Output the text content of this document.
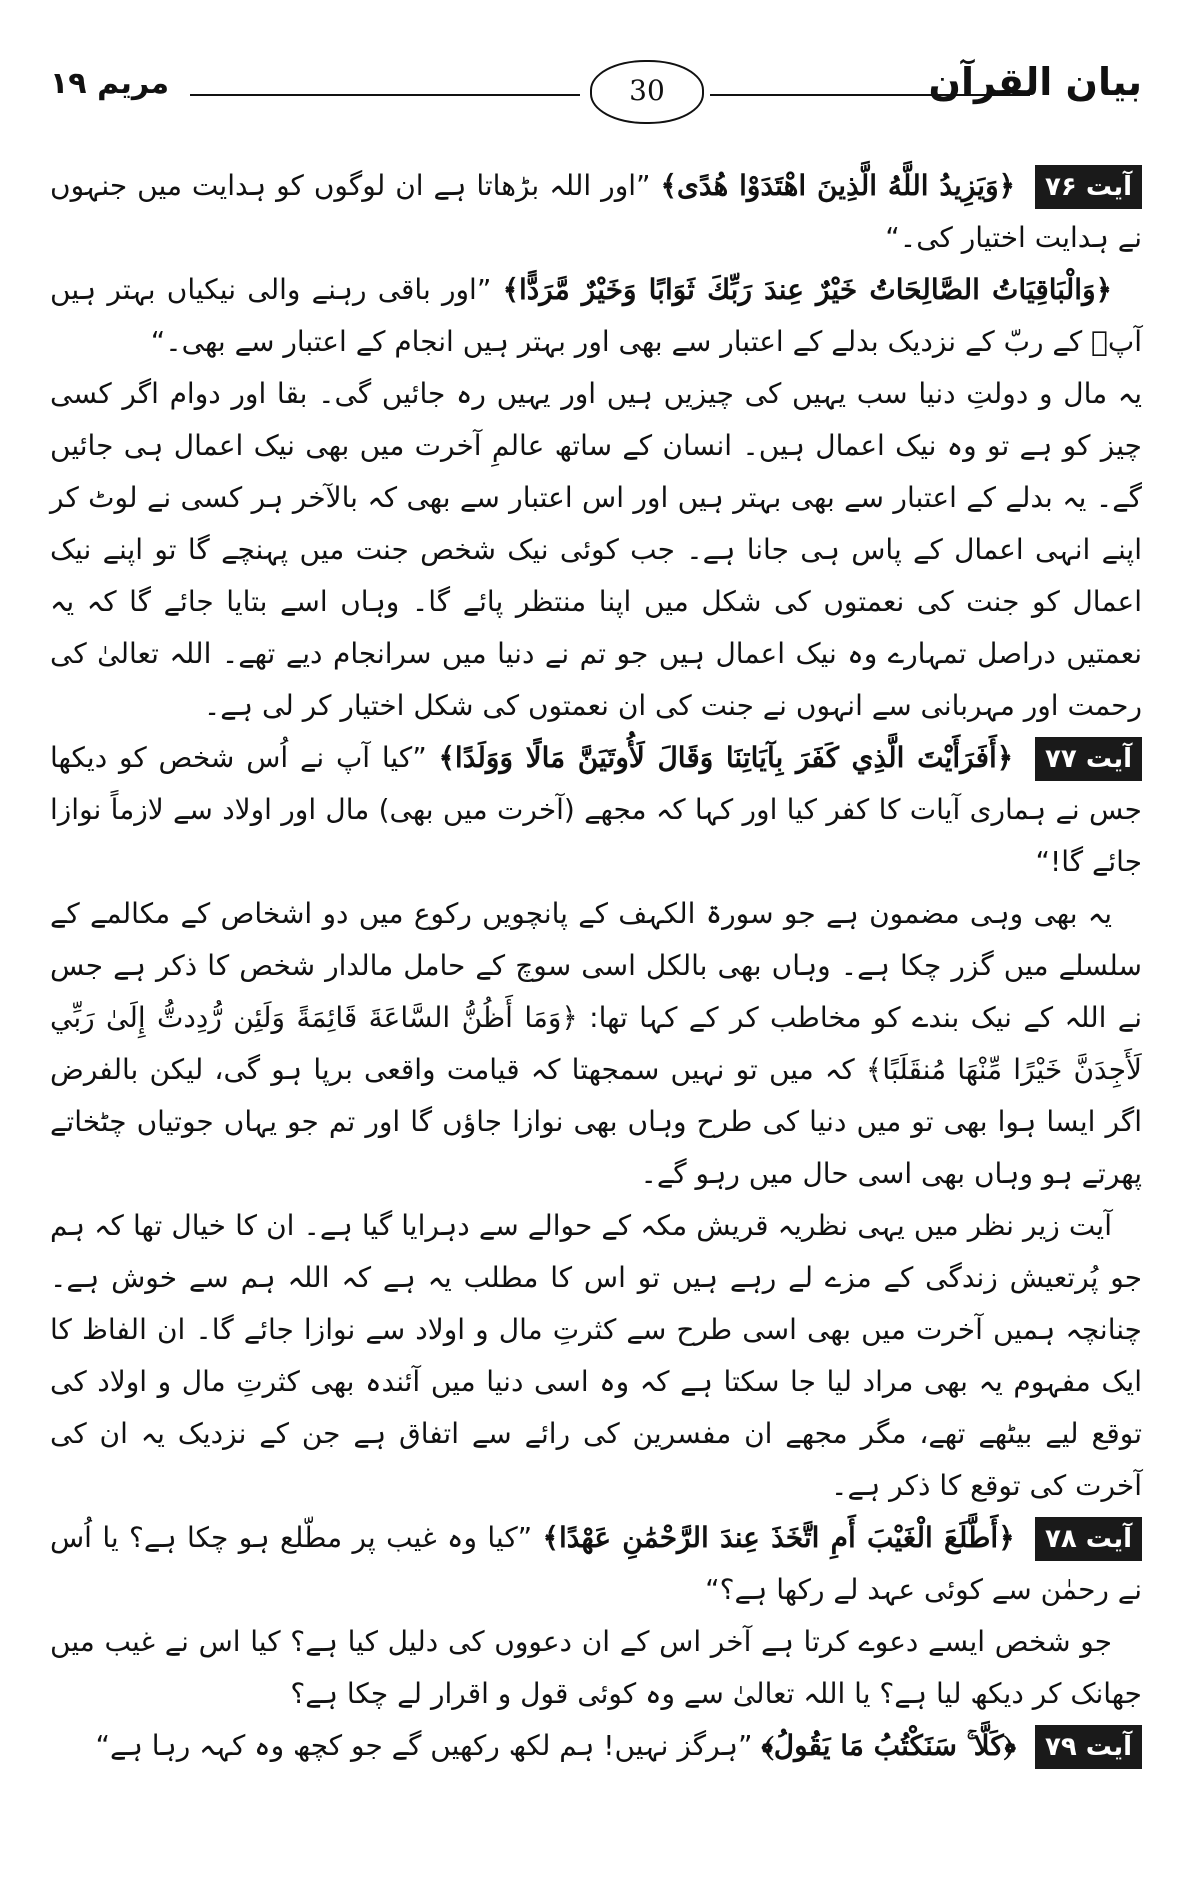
مریم ۱۹	30	بیان القرآن

آیت ۷۶ ﴿وَيَزِيدُ اللَّهُ الَّذِينَ اهْتَدَوْا هُدًى﴾ ”اور اللہ بڑھاتا ہے ان لوگوں کو ہدایت میں جنہوں نے ہدایت اختیار کی۔“

﴿وَالْبَاقِيَاتُ الصَّالِحَاتُ خَيْرٌ عِندَ رَبِّكَ ثَوَابًا وَخَيْرٌ مَّرَدًّا﴾ ”اور باقی رہنے والی نیکیاں بہتر ہیں آپؐ کے ربّ کے نزدیک بدلے کے اعتبار سے بھی اور بہتر ہیں انجام کے اعتبار سے بھی۔“

یہ مال و دولتِ دنیا سب یہیں کی چیزیں ہیں اور یہیں رہ جائیں گی۔ بقا اور دوام اگر کسی چیز کو ہے تو وہ نیک اعمال ہیں۔ انسان کے ساتھ عالمِ آخرت میں بھی نیک اعمال ہی جائیں گے۔ یہ بدلے کے اعتبار سے بھی بہتر ہیں اور اس اعتبار سے بھی کہ بالآخر ہر کسی نے لوٹ کر اپنے انہی اعمال کے پاس ہی جانا ہے۔ جب کوئی نیک شخص جنت میں پہنچے گا تو اپنے نیک اعمال کو جنت کی نعمتوں کی شکل میں اپنا منتظر پائے گا۔ وہاں اسے بتایا جائے گا کہ یہ نعمتیں دراصل تمہارے وہ نیک اعمال ہیں جو تم نے دنیا میں سرانجام دیے تھے۔ اللہ تعالیٰ کی رحمت اور مہربانی سے انہوں نے جنت کی ان نعمتوں کی شکل اختیار کر لی ہے۔

آیت ۷۷ ﴿أَفَرَأَيْتَ الَّذِي كَفَرَ بِآيَاتِنَا وَقَالَ لَأُوتَيَنَّ مَالًا وَوَلَدًا﴾ ”کیا آپ نے اُس شخص کو دیکھا جس نے ہماری آیات کا کفر کیا اور کہا کہ مجھے (آخرت میں بھی) مال اور اولاد سے لازماً نوازا جائے گا!“

یہ بھی وہی مضمون ہے جو سورۃ الکہف کے پانچویں رکوع میں دو اشخاص کے مکالمے کے سلسلے میں گزر چکا ہے۔ وہاں بھی بالکل اسی سوچ کے حامل مالدار شخص کا ذکر ہے جس نے اللہ کے نیک بندے کو مخاطب کر کے کہا تھا: ﴿وَمَا أَظُنُّ السَّاعَةَ قَائِمَةً وَلَئِن رُّدِدتُّ إِلَىٰ رَبِّي لَأَجِدَنَّ خَيْرًا مِّنْهَا مُنقَلَبًا﴾ کہ میں تو نہیں سمجھتا کہ قیامت واقعی برپا ہو گی، لیکن بالفرض اگر ایسا ہوا بھی تو میں دنیا کی طرح وہاں بھی نوازا جاؤں گا اور تم جو یہاں جوتیاں چٹخاتے پھرتے ہو وہاں بھی اسی حال میں رہو گے۔

آیت زیر نظر میں یہی نظریہ قریش مکہ کے حوالے سے دہرایا گیا ہے۔ ان کا خیال تھا کہ ہم جو پُرتعیش زندگی کے مزے لے رہے ہیں تو اس کا مطلب یہ ہے کہ اللہ ہم سے خوش ہے۔ چنانچہ ہمیں آخرت میں بھی اسی طرح سے کثرتِ مال و اولاد سے نوازا جائے گا۔ ان الفاظ کا ایک مفہوم یہ بھی مراد لیا جا سکتا ہے کہ وہ اسی دنیا میں آئندہ بھی کثرتِ مال و اولاد کی توقع لیے بیٹھے تھے، مگر مجھے ان مفسرین کی رائے سے اتفاق ہے جن کے نزدیک یہ ان کی آخرت کی توقع کا ذکر ہے۔

آیت ۷۸ ﴿أَطَّلَعَ الْغَيْبَ أَمِ اتَّخَذَ عِندَ الرَّحْمَٰنِ عَهْدًا﴾ ”کیا وہ غیب پر مطّلع ہو چکا ہے؟ یا اُس نے رحمٰن سے کوئی عہد لے رکھا ہے؟“

جو شخص ایسے دعوے کرتا ہے آخر اس کے ان دعووں کی دلیل کیا ہے؟ کیا اس نے غیب میں جھانک کر دیکھ لیا ہے؟ یا اللہ تعالیٰ سے وہ کوئی قول و اقرار لے چکا ہے؟

آیت ۷۹ ﴿كَلَّا ۚ سَنَكْتُبُ مَا يَقُولُ﴾ ”ہرگز نہیں! ہم لکھ رکھیں گے جو کچھ وہ کہہ رہا ہے“
